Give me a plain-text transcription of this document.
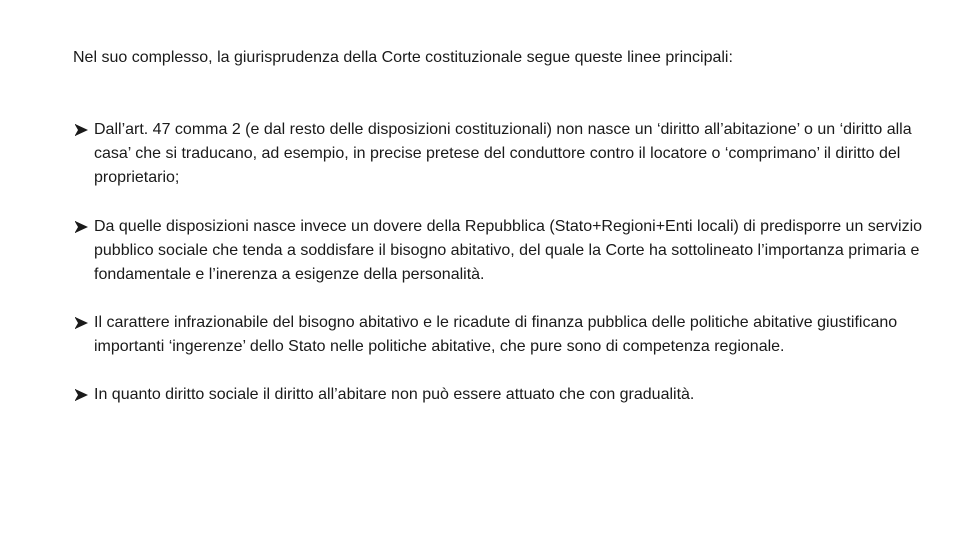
Nel suo complesso, la giurisprudenza della Corte costituzionale segue queste linee principali:
Dall’art. 47 comma 2 (e dal resto delle disposizioni costituzionali) non nasce un ‘diritto all’abitazione’ o un ‘diritto alla casa’ che si traducano, ad esempio, in precise pretese del conduttore contro il locatore o ‘comprimano’ il diritto del proprietario;
Da quelle disposizioni nasce invece un dovere della Repubblica (Stato+Regioni+Enti locali) di predisporre un servizio pubblico sociale che tenda a soddisfare il bisogno abitativo, del quale la Corte ha sottolineato l’importanza primaria e fondamentale e l’inerenza a esigenze della personalità.
Il carattere infrazionabile del bisogno abitativo e le ricadute di finanza pubblica delle politiche abitative giustificano importanti ‘ingerenze’ dello Stato nelle politiche abitative, che pure sono di competenza regionale.
In quanto diritto sociale il diritto all’abitare non può essere attuato che con gradualità.
